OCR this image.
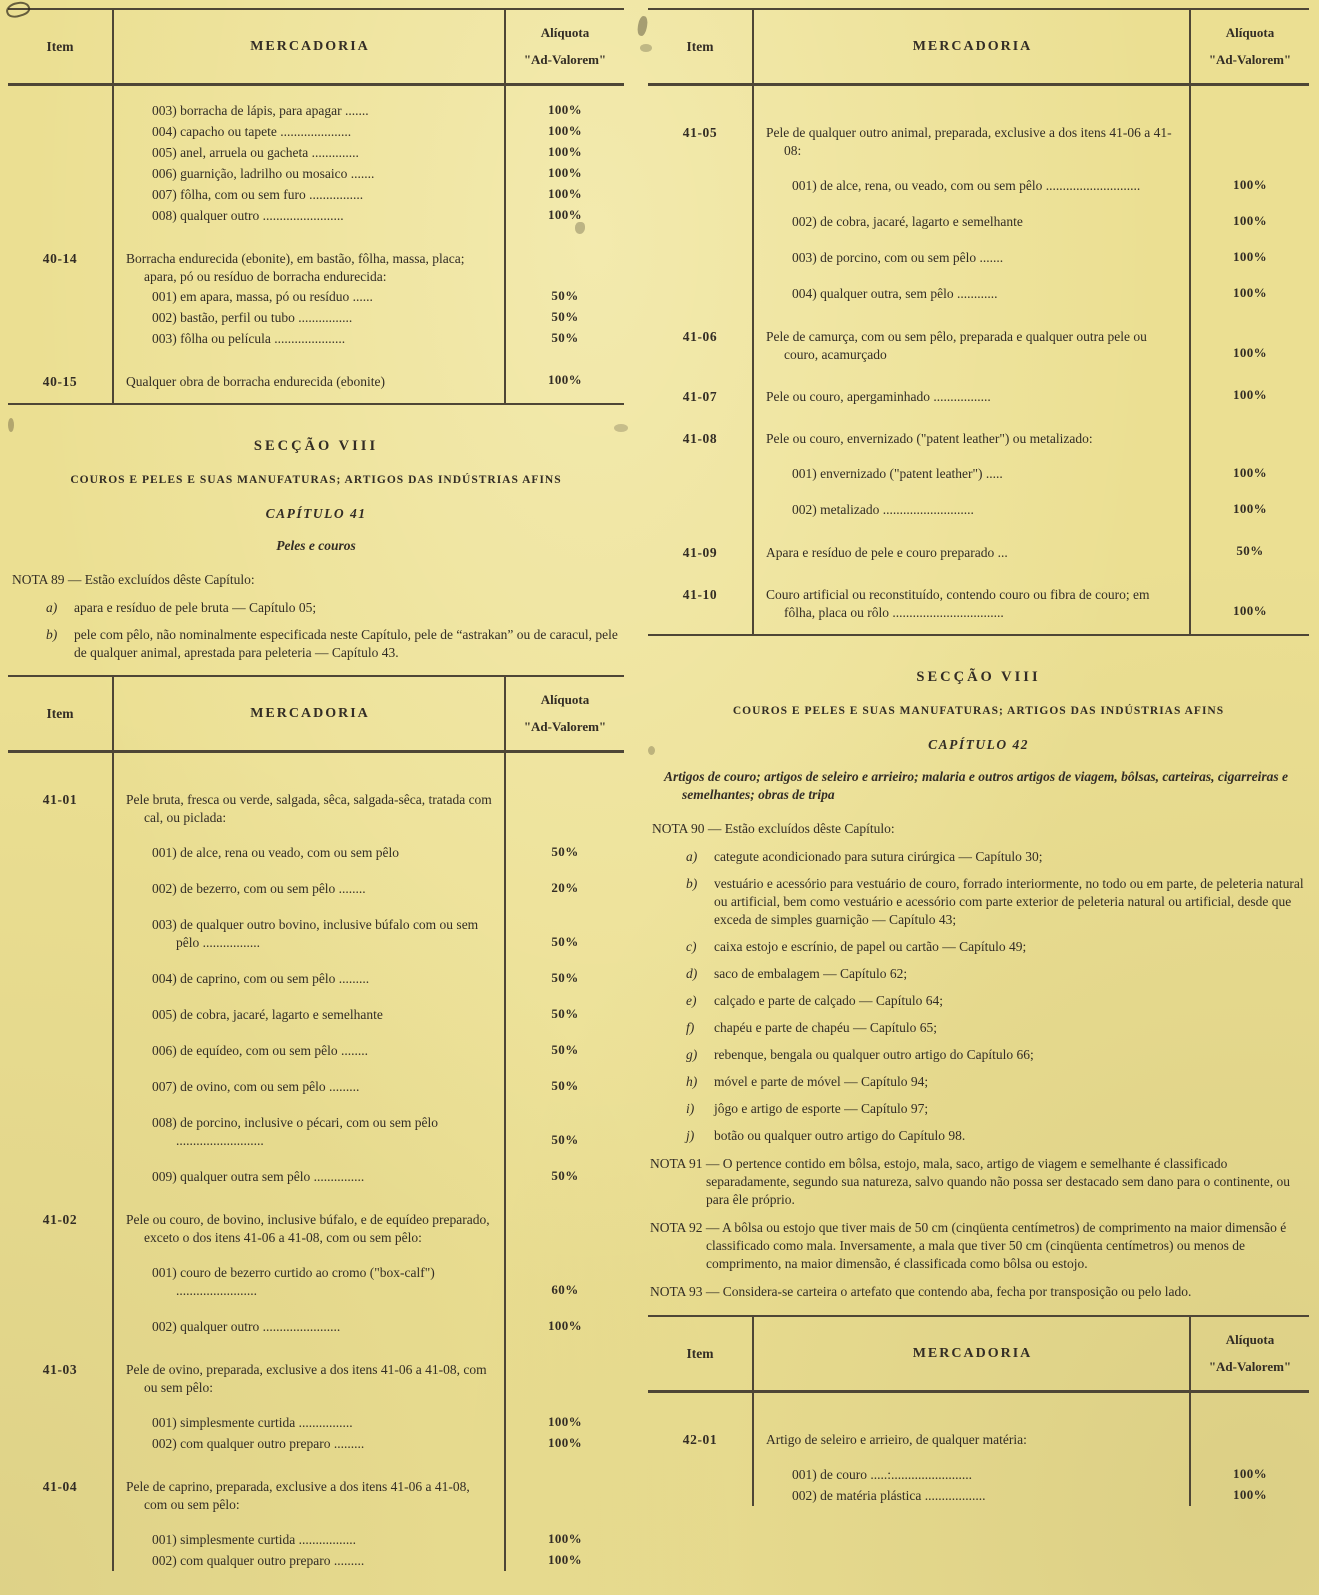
Item	MERCADORIA
Alíquota
"Ad-Valorem"
003) borracha de lápis, para apagar .......	100%
004) capacho ou tapete .....................	100%
005) anel, arruela ou gacheta ..............	100%
006) guarnição, ladrilho ou mosaico .......	100%
007) fôlha, com ou sem furo ................	100%
008) qualquer outro ........................	100%
40-14	Borracha endurecida (ebonite), em bastão, fôlha, massa, placa; apara, pó ou resíduo de borracha endurecida:
001) em apara, massa, pó ou resíduo ......	50%
002) bastão, perfil ou tubo ................	50%
003) fôlha ou película .....................	50%
40-15	Qualquer obra de borracha endurecida (ebonite)	100%
SECÇÃO VIII

COUROS E PELES E SUAS MANUFATURAS; ARTIGOS DAS INDÚSTRIAS AFINS

CAPÍTULO 41

Peles e couros

NOTA 89 — Estão excluídos dêste Capítulo:

a)	apara e resíduo de pele bruta — Capítulo 05;
b)	pele com pêlo, não nominalmente especificada neste Capítulo, pele de “astrakan” ou de caracul, pele de qualquer animal, aprestada para peleteria — Capítulo 43.
Item	MERCADORIA
Alíquota
"Ad-Valorem"
41-01	Pele bruta, fresca ou verde, salgada, sêca, salgada-sêca, tratada com cal, ou piclada:
001) de alce, rena ou veado, com ou sem pêlo	50%
002) de bezerro, com ou sem pêlo ........	20%
003) de qualquer outro bovino, inclusive búfalo com ou sem pêlo .................	50%
004) de caprino, com ou sem pêlo .........	50%
005) de cobra, jacaré, lagarto e semelhante	50%
006) de equídeo, com ou sem pêlo ........	50%
007) de ovino, com ou sem pêlo .........	50%
008) de porcino, inclusive o pécari, com ou sem pêlo ..........................	50%
009) qualquer outra sem pêlo ...............	50%
41-02	Pele ou couro, de bovino, inclusive búfalo, e de equídeo preparado, exceto o dos itens 41-06 a 41-08, com ou sem pêlo:
001) couro de bezerro curtido ao cromo ("box-calf") ........................	60%
002) qualquer outro .......................	100%
41-03	Pele de ovino, preparada, exclusive a dos itens 41-06 a 41-08, com ou sem pêlo:
001) simplesmente curtida ................	100%
002) com qualquer outro preparo .........	100%
41-04	Pele de caprino, preparada, exclusive a dos itens 41-06 a 41-08, com ou sem pêlo:
001) simplesmente curtida .................	100%
002) com qualquer outro preparo .........	100%
Item	MERCADORIA
Alíquota
"Ad-Valorem"
41-05	Pele de qualquer outro animal, preparada, exclusive a dos itens 41-06 a 41-08:
001) de alce, rena, ou veado, com ou sem pêlo ............................	100%
002) de cobra, jacaré, lagarto e semelhante	100%
003) de porcino, com ou sem pêlo .......	100%
004) qualquer outra, sem pêlo ............	100%
41-06	Pele de camurça, com ou sem pêlo, preparada e qualquer outra pele ou couro, acamurçado	100%
41-07	Pele ou couro, apergaminhado .................	100%
41-08	Pele ou couro, envernizado ("patent leather") ou metalizado:
001) envernizado ("patent leather") .....	100%
002) metalizado ...........................	100%
41-09	Apara e resíduo de pele e couro preparado ...	50%
41-10	Couro artificial ou reconstituído, contendo couro ou fibra de couro; em fôlha, placa ou rôlo .................................	100%
SECÇÃO VIII

COUROS E PELES E SUAS MANUFATURAS; ARTIGOS DAS INDÚSTRIAS AFINS

CAPÍTULO 42

Artigos de couro; artigos de seleiro e arrieiro; malaria e outros artigos de viagem, bôlsas, carteiras, cigarreiras e semelhantes; obras de tripa

NOTA 90 — Estão excluídos dêste Capítulo:

a)	categute acondicionado para sutura cirúrgica — Capítulo 30;
b)	vestuário e acessório para vestuário de couro, forrado interiormente, no todo ou em parte, de peleteria natural ou artificial, bem como vestuário e acessório com parte exterior de peleteria natural ou artificial, desde que exceda de simples guarnição — Capítulo 43;
c)	caixa estojo e escrínio, de papel ou cartão — Capítulo 49;
d)	saco de embalagem — Capítulo 62;
e)	calçado e parte de calçado — Capítulo 64;
f)	chapéu e parte de chapéu — Capítulo 65;
g)	rebenque, bengala ou qualquer outro artigo do Capítulo 66;
h)	móvel e parte de móvel — Capítulo 94;
i)	jôgo e artigo de esporte — Capítulo 97;
j)	botão ou qualquer outro artigo do Capítulo 98.

NOTA 91 — O pertence contido em bôlsa, estojo, mala, saco, artigo de viagem e semelhante é classificado separadamente, segundo sua natureza, salvo quando não possa ser destacado sem dano para o continente, ou para êle próprio.

NOTA 92 — A bôlsa ou estojo que tiver mais de 50 cm (cinqüenta centímetros) de comprimento na maior dimensão é classificado como mala. Inversamente, a mala que tiver 50 cm (cinqüenta centímetros) ou menos de comprimento, na maior dimensão, é classificada como bôlsa ou estojo.

NOTA 93 — Considera-se carteira o artefato que contendo aba, fecha por transposição ou pelo lado.

Item	MERCADORIA
Alíquota
"Ad-Valorem"
42-01	Artigo de seleiro e arrieiro, de qualquer matéria:
001) de couro .....:........................	100%
002) de matéria plástica ..................	100%
